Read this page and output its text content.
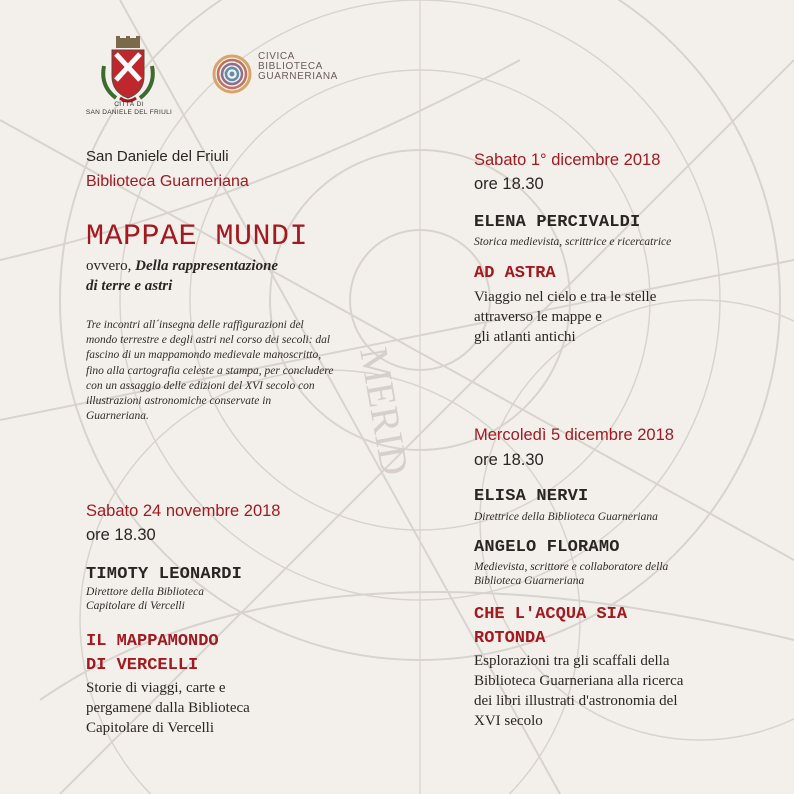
MERID
CITTÀ DI
SAN DANIELE DEL FRIULI
CIVICA
BIBLIOTECA
GUARNERIANA
San Daniele del Friuli
Biblioteca Guarneriana
MAPPAE MUNDI
ovvero, Della rappresentazione
di terre e astri
Tre incontri all´insegna delle raffigurazioni del mondo terrestre e degli astri nel corso dei secoli: dal fascino di un mappamondo medievale manoscritto, fino alla cartografia celeste a stampa, per concludere con un assaggio delle edizioni del XVI secolo con illustrazioni astronomiche conservate in Guarneriana.
Sabato 24 novembre 2018
ore 18.30
TIMOTY LEONARDI
Direttore della Biblioteca
Capitolare di Vercelli
IL MAPPAMONDO
DI VERCELLI
Storie di viaggi, carte e
pergamene dalla Biblioteca
Capitolare di Vercelli
Sabato 1° dicembre 2018
ore 18.30
ELENA PERCIVALDI
Storica medievista, scrittrice e ricercatrice
AD ASTRA
Viaggio nel cielo e tra le stelle
attraverso le mappe e
gli atlanti antichi
Mercoledì 5 dicembre 2018
ore 18.30
ELISA NERVI
Direttrice della Biblioteca Guarneriana
ANGELO FLORAMO
Medievista, scrittore e collaboratore della
Biblioteca Guarneriana
CHE L'ACQUA SIA
ROTONDA
Esplorazioni tra gli scaffali della
Biblioteca Guarneriana alla ricerca
dei libri illustrati d'astronomia del
XVI secolo
